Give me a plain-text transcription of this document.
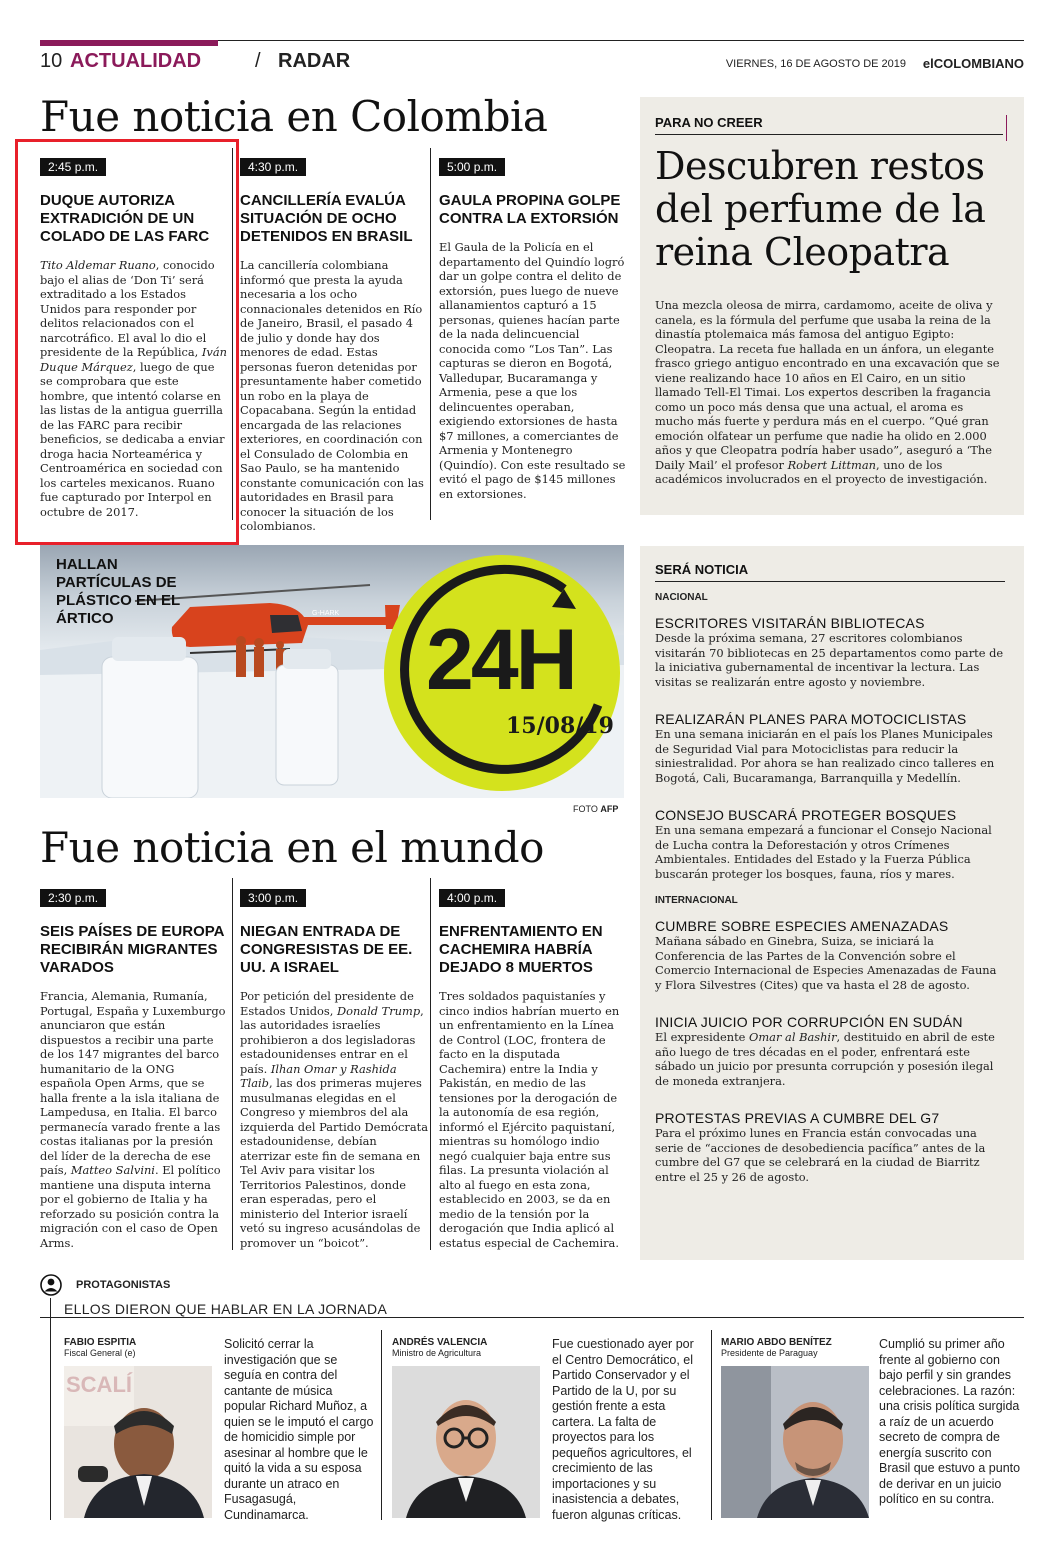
10 ACTUALIDAD	/ RADAR	VIERNES, 16 DE AGOSTO DE 2019 elCOLOMBIANO
Fue noticia en Colombia
2:45 p.m.
DUQUE AUTORIZA EXTRADICIÓN DE UN COLADO DE LAS FARC
Tito Aldemar Ruano, conocido bajo el alias de ‘Don Ti’ será extraditado a los Estados Unidos para responder por delitos relacionados con el narcotráfico. El aval lo dio el presidente de la República, Iván Duque Márquez, luego de que se comprobara que este hombre, que intentó colarse en las listas de la antigua guerrilla de las FARC para recibir beneficios, se dedicaba a enviar droga hacia Norteamérica y Centroamérica en sociedad con los carteles mexicanos. Ruano fue capturado por Interpol en octubre de 2017.
4:30 p.m.
CANCILLERÍA EVALÚA SITUACIÓN DE OCHO DETENIDOS EN BRASIL
La cancillería colombiana informó que presta la ayuda necesaria a los ocho connacionales detenidos en Río de Janeiro, Brasil, el pasado 4 de julio y donde hay dos menores de edad. Estas personas fueron detenidas por presuntamente haber cometido un robo en la playa de Copacabana. Según la entidad encargada de las relaciones exteriores, en coordinación con el Consulado de Colombia en Sao Paulo, se ha mantenido constante comunicación con las autoridades en Brasil para conocer la situación de los colombianos.
5:00 p.m.
GAULA PROPINA GOLPE CONTRA LA EXTORSIÓN
El Gaula de la Policía en el departamento del Quindío logró dar un golpe contra el delito de extorsión, pues luego de nueve allanamientos capturó a 15 personas, quienes hacían parte de la nada delincuencial conocida como “Los Tan”. Las capturas se dieron en Bogotá, Valledupar, Bucaramanga y Armenia, pese a que los delincuentes operaban, exigiendo extorsiones de hasta $7 millones, a comerciantes de Armenia y Montenegro (Quindío). Con este resultado se evitó el pago de $145 millones en extorsiones.
PARA NO CREER
Descubren restos del perfume de la reina Cleopatra
Una mezcla oleosa de mirra, cardamomo, aceite de oliva y canela, es la fórmula del perfume que usaba la reina de la dinastía ptolemaica más famosa del antiguo Egipto: Cleopatra. La receta fue hallada en un ánfora, un elegante frasco griego antiguo encontrado en una excavación que se viene realizando hace 10 años en El Cairo, en un sitio llamado Tell-El Timai. Los expertos describen la fragancia como un poco más densa que una actual, el aroma es mucho más fuerte y perdura más en el cuerpo. “Qué gran emoción olfatear un perfume que nadie ha olido en 2.000 años y que Cleopatra podría haber usado”, aseguró a ‘The Daily Mail’ el profesor Robert Littman, uno de los académicos involucrados en el proyecto de investigación.
G-HARK
HALLAN PARTÍCULAS DE PLÁSTICO EN EL ÁRTICO	24H
15/08/19
FOTO AFP
SERÁ NOTICIA
NACIONAL
ESCRITORES VISITARÁN BIBLIOTECAS
Desde la próxima semana, 27 escritores colombianos visitarán 70 bibliotecas en 25 departamentos como parte de la iniciativa gubernamental de incentivar la lectura. Las visitas se realizarán entre agosto y noviembre.
REALIZARÁN PLANES PARA MOTOCICLISTAS
En una semana iniciarán en el país los Planes Municipales de Seguridad Vial para Motociclistas para reducir la siniestralidad. Por ahora se han realizado cinco talleres en Bogotá, Cali, Bucaramanga, Barranquilla y Medellín.
CONSEJO BUSCARÁ PROTEGER BOSQUES
En una semana empezará a funcionar el Consejo Nacional de Lucha contra la Deforestación y otros Crímenes Ambientales. Entidades del Estado y la Fuerza Pública buscarán proteger los bosques, fauna, ríos y mares.
INTERNACIONAL
CUMBRE SOBRE ESPECIES AMENAZADAS
Mañana sábado en Ginebra, Suiza, se iniciará la Conferencia de las Partes de la Convención sobre el Comercio Internacional de Especies Amenazadas de Fauna y Flora Silvestres (Cites) que va hasta el 28 de agosto.
INICIA JUICIO POR CORRUPCIÓN EN SUDÁN
El expresidente Omar al Bashir, destituido en abril de este año luego de tres décadas en el poder, enfrentará este sábado un juicio por presunta corrupción y posesión ilegal de moneda extranjera.
PROTESTAS PREVIAS A CUMBRE DEL G7
Para el próximo lunes en Francia están convocadas una serie de “acciones de desobediencia pacífica” antes de la cumbre del G7 que se celebrará en la ciudad de Biarritz entre el 25 y 26 de agosto.
Fue noticia en el mundo
2:30 p.m.
SEIS PAÍSES DE EUROPA RECIBIRÁN MIGRANTES VARADOS
Francia, Alemania, Rumanía, Portugal, España y Luxemburgo anunciaron que están dispuestos a recibir una parte de los 147 migrantes del barco humanitario de la ONG española Open Arms, que se halla frente a la isla italiana de Lampedusa, en Italia. El barco permanecía varado frente a las costas italianas por la presión del líder de la derecha de ese país, Matteo Salvini. El político mantiene una disputa interna por el gobierno de Italia y ha reforzado su posición contra la migración con el caso de Open Arms.
3:00 p.m.
NIEGAN ENTRADA DE CONGRESISTAS DE EE. UU. A ISRAEL
Por petición del presidente de Estados Unidos, Donald Trump, las autoridades israelíes prohibieron a dos legisladoras estadounidenses entrar en el país. Ilhan Omar y Rashida Tlaib, las dos primeras mujeres musulmanas elegidas en el Congreso y miembros del ala izquierda del Partido Demócrata estadounidense, debían aterrizar este fin de semana en Tel Aviv para visitar los Territorios Palestinos, donde eran esperadas, pero el ministerio del Interior israelí vetó su ingreso acusándolas de promover un “boicot”.
4:00 p.m.
ENFRENTAMIENTO EN CACHEMIRA HABRÍA DEJADO 8 MUERTOS
Tres soldados paquistaníes y cinco indios habrían muerto en un enfrentamiento en la Línea de Control (LOC, frontera de facto en la disputada Cachemira) entre la India y Pakistán, en medio de las tensiones por la derogación de la autonomía de esa región, informó el Ejército paquistaní, mientras su homólogo indio negó cualquier baja entre sus filas. La presunta violación al alto al fuego en esta zona, establecido en 2003, se da en medio de la tensión por la derogación que India aplicó al estatus especial de Cachemira.
PROTAGONISTAS
ELLOS DIERON QUE HABLAR EN LA JORNADA
FABIO ESPITIA
Fiscal General (e)
SCALÍ
Solicitó cerrar la investigación que se seguía en contra del cantante de música popular Richard Muñoz, a quien se le imputó el cargo de homicidio simple por asesinar al hombre que le quitó la vida a su esposa durante un atraco en Fusagasugá, Cundinamarca.
ANDRÉS VALENCIA
Ministro de Agricultura
Fue cuestionado ayer por el Centro Democrático, el Partido Conservador y el Partido de la U, por su gestión frente a esta cartera. La falta de proyectos para los pequeños agricultores, el crecimiento de las importaciones y su inasistencia a debates, fueron algunas críticas.
MARIO ABDO BENÍTEZ
Presidente de Paraguay
Cumplió su primer año frente al gobierno con bajo perfil y sin grandes celebraciones. La razón: una crisis política surgida a raíz de un acuerdo secreto de compra de energía suscrito con Brasil que estuvo a punto de derivar en un juicio político en su contra.
